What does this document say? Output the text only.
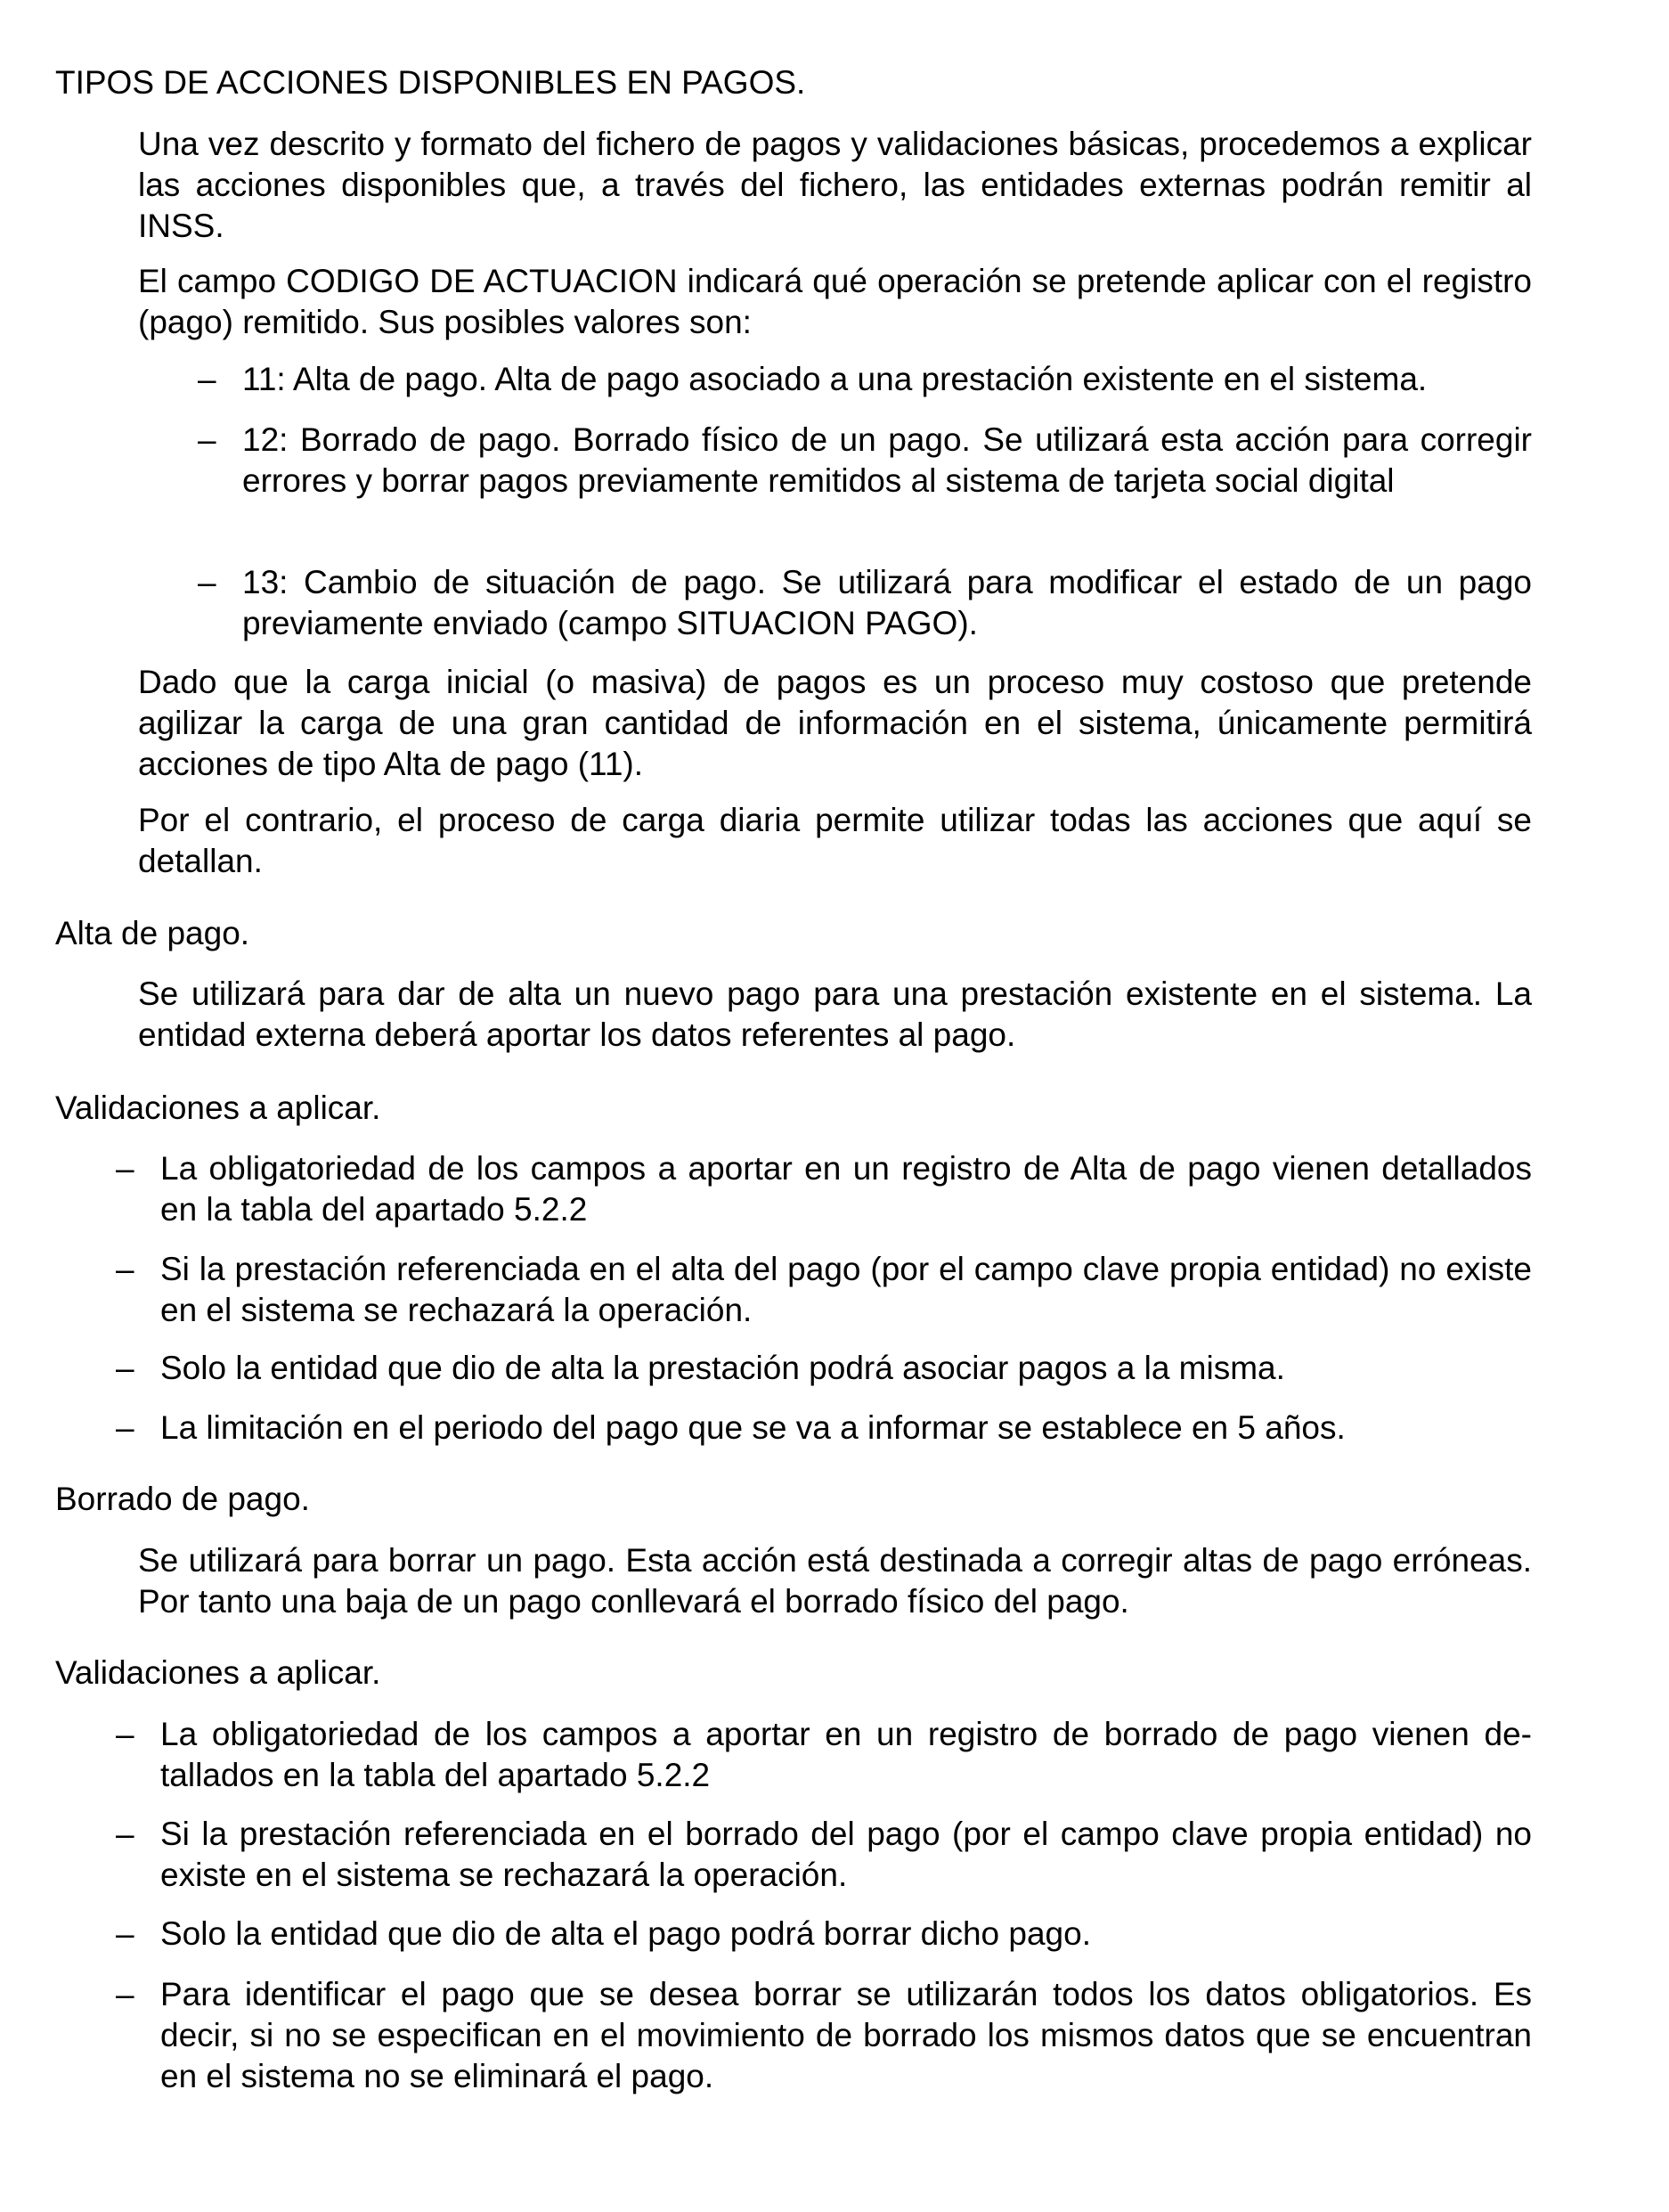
TIPOS DE ACCIONES DISPONIBLES EN PAGOS.

Una vez descrito y formato del fichero de pagos y validaciones básicas, procedemos a explicar las acciones disponibles que, a través del fichero, las entidades externas podrán remitir al INSS.

El campo CODIGO DE ACTUACION indicará qué operación se pretende aplicar con el registro (pago) remitido. Sus posibles valores son:

– 11: Alta de pago. Alta de pago asociado a una prestación existente en el sistema.
– 12: Borrado de pago. Borrado físico de un pago. Se utilizará esta acción para corregir errores y borrar pagos previamente remitidos al sistema de tarjeta social digital
– 13: Cambio de situación de pago. Se utilizará para modificar el estado de un pago previamente enviado (campo SITUACION PAGO).

Dado que la carga inicial (o masiva) de pagos es un proceso muy costoso que pretende agilizar la carga de una gran cantidad de información en el sistema, únicamente permitirá acciones de tipo Alta de pago (11).

Por el contrario, el proceso de carga diaria permite utilizar todas las acciones que aquí se detallan.

Alta de pago.

Se utilizará para dar de alta un nuevo pago para una prestación existente en el sistema. La entidad externa deberá aportar los datos referentes al pago.

Validaciones a aplicar.
– La obligatoriedad de los campos a aportar en un registro de Alta de pago vienen detallados en la tabla del apartado 5.2.2
– Si la prestación referenciada en el alta del pago (por el campo clave propia entidad) no existe en el sistema se rechazará la operación.
– Solo la entidad que dio de alta la prestación podrá asociar pagos a la misma.
– La limitación en el periodo del pago que se va a informar se establece en 5 años.
Borrado de pago.

Se utilizará para borrar un pago. Esta acción está destinada a corregir altas de pago erróneas. Por tanto una baja de un pago conllevará el borrado físico del pago.

Validaciones a aplicar.
– La obligatoriedad de los campos a aportar en un registro de borrado de pago vienen detallados en la tabla del apartado 5.2.2
– Si la prestación referenciada en el borrado del pago (por el campo clave propia entidad) no existe en el sistema se rechazará la operación.
– Solo la entidad que dio de alta el pago podrá borrar dicho pago.
– Para identificar el pago que se desea borrar se utilizarán todos los datos obligatorios. Es decir, si no se especifican en el movimiento de borrado los mismos datos que se encuentran en el sistema no se eliminará el pago.
